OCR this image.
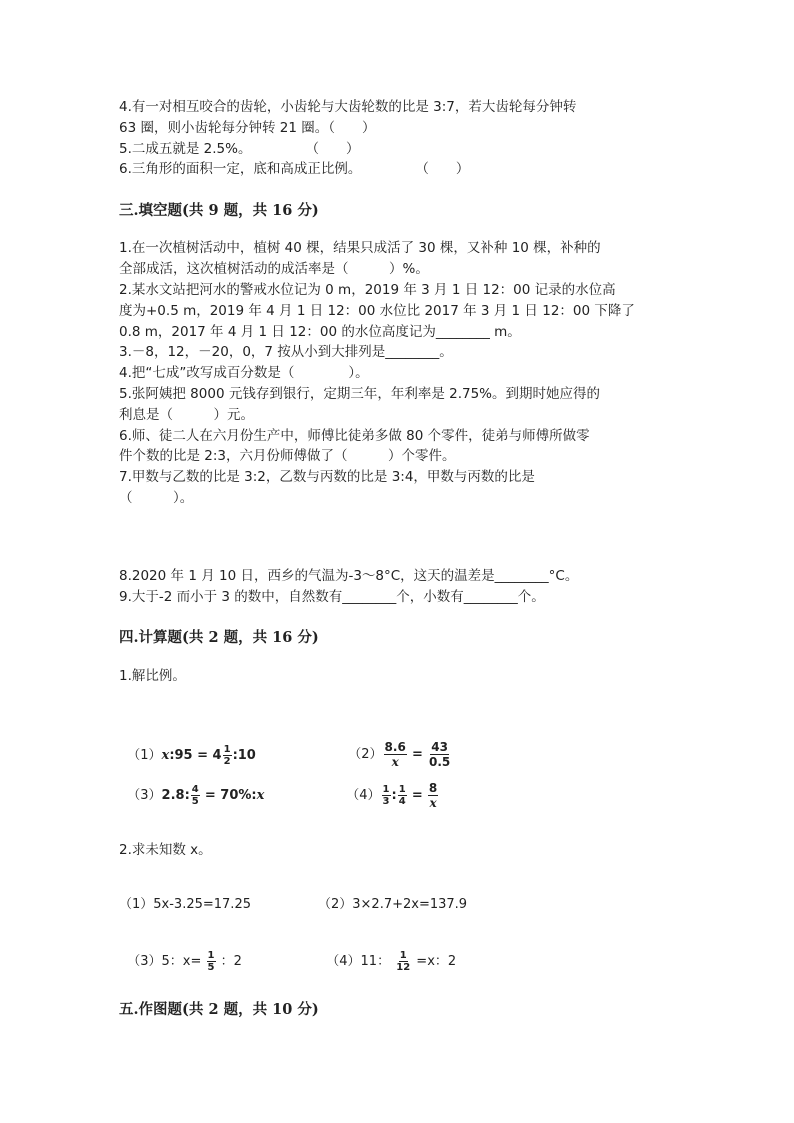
4.有一对相互咬合的齿轮，小齿轮与大齿轮数的比是 3:7，若大齿轮每分钟转
63 圈，则小齿轮每分钟转 21 圈。（　　）
5.二成五就是 2.5%。　　　　　（　　）
6.三角形的面积一定，底和高成正比例。　　　　　（　　）
三.填空题(共 9 题，共 16 分)
1.在一次植树活动中，植树 40 棵，结果只成活了 30 棵，又补种 10 棵，补种的
全部成活，这次植树活动的成活率是（　　　）%。
2.某水文站把河水的警戒水位记为 0 m，2019 年 3 月 1 日 12：00 记录的水位高
度为+0.5 m，2019 年 4 月 1 日 12：00 水位比 2017 年 3 月 1 日 12：00 下降了
0.8 m，2017 年 4 月 1 日 12：00 的水位高度记为________ m。
3.－8，12，－20，0，7 按从小到大排列是________。
4.把“七成”改写成百分数是（　　　　）。
5.张阿姨把 8000 元钱存到银行，定期三年，年利率是 2.75%。到期时她应得的
利息是（　　　）元。
6.师、徒二人在六月份生产中，师傅比徒弟多做 80 个零件，徒弟与师傅所做零
件个数的比是 2:3，六月份师傅做了（　　　）个零件。
7.甲数与乙数的比是 3:2，乙数与丙数的比是 3:4，甲数与丙数的比是
（　　　）。
8.2020 年 1 月 10 日，西乡的气温为-3～8°C，这天的温差是________°C。
9.大于-2 而小于 3 的数中，自然数有________个，小数有________个。
四.计算题(共 2 题，共 16 分)
1.解比例。

（1）x:95 = $4 \frac{1}{2}$ :10	$(2) \frac{8.6}{x} = \frac{43}{0.5}$

（3）2.8: $\frac{4}{5}$ = 70%:x	$(4) \frac{1}{3}$ : $\frac{1}{4} = \frac{8}{x}$

2.求未知数 x。
（1）5x-3.25=17.25	（2）3×2.7+2x=137.9

（3）5：$x= \frac{1}{5}$ ：2	（4）11： $\frac{1}{12} =x$：2

五.作图题(共 2 题，共 10 分)
